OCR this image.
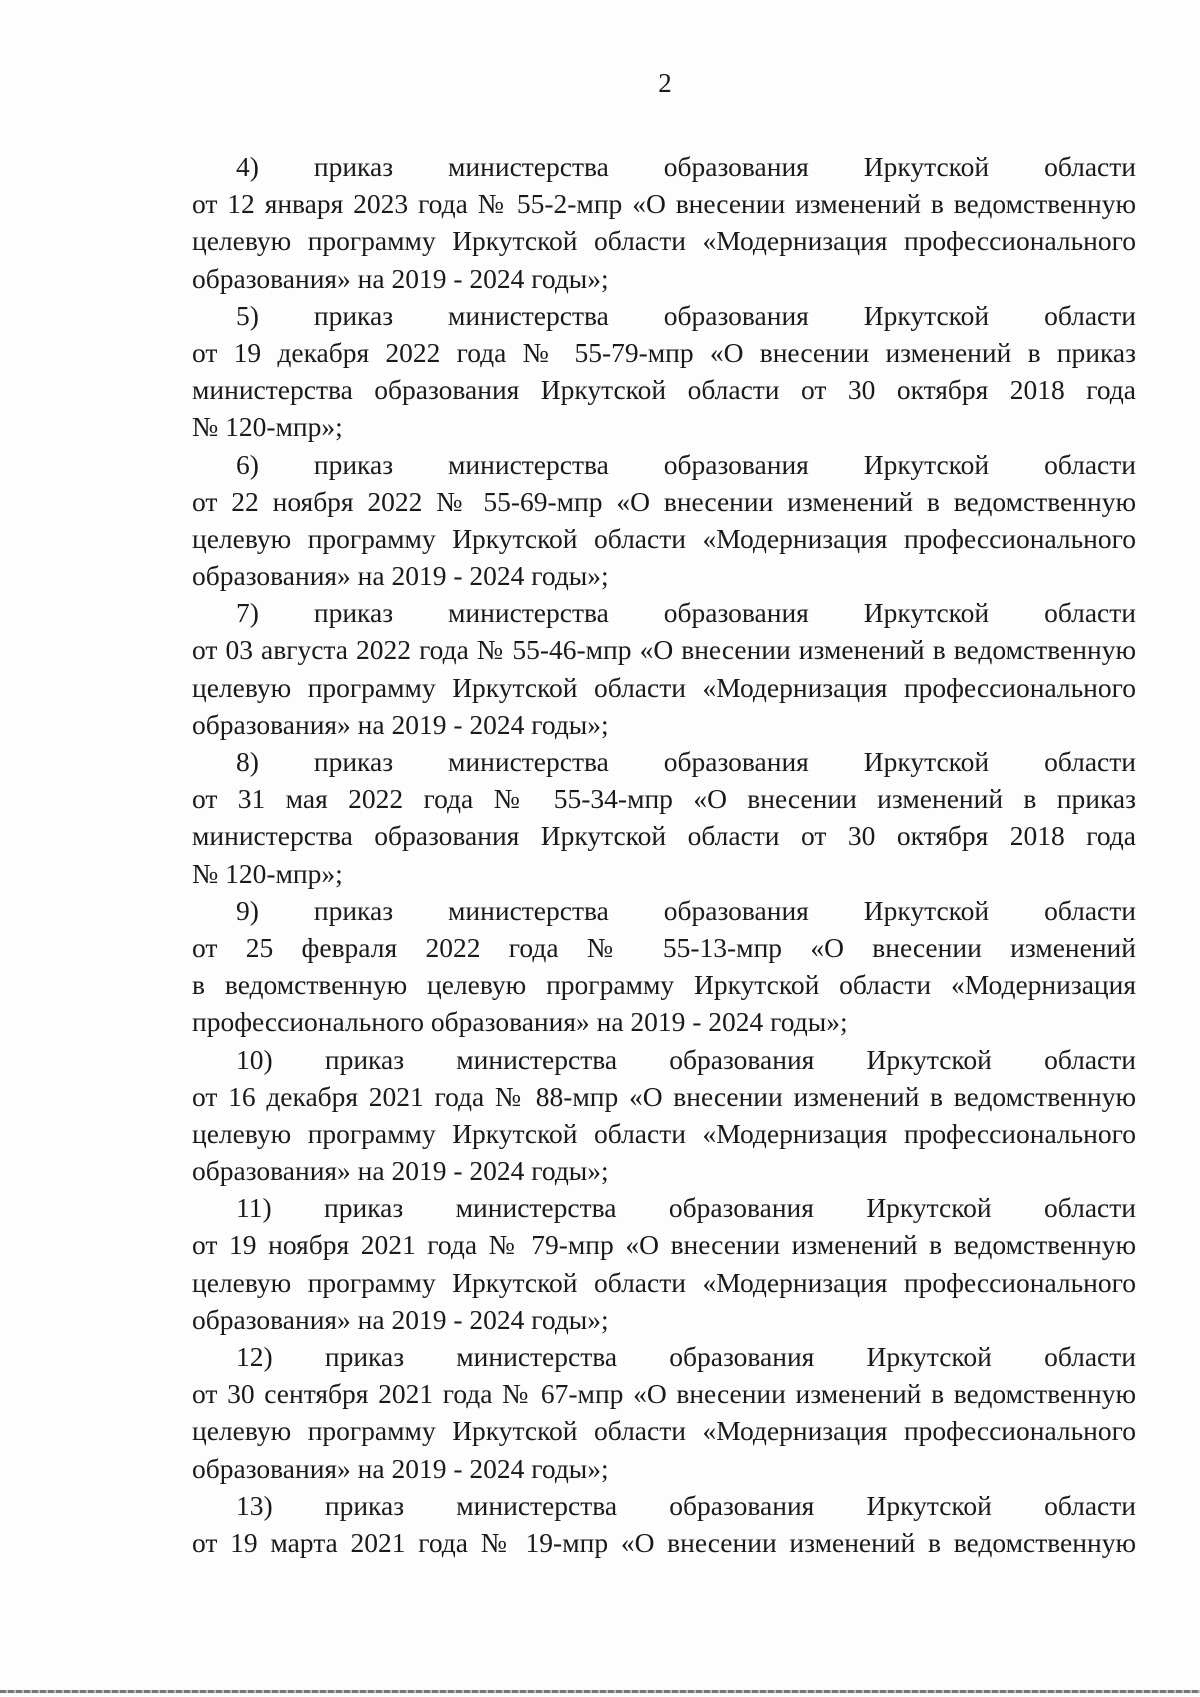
2
4) приказ министерства образования Иркутской области
от 12 января 2023 года № 55-2-мпр «О внесении изменений в ведомственную
целевую программу Иркутской области «Модернизация профессионального
образования» на 2019 - 2024 годы»;
5) приказ министерства образования Иркутской области
от 19 декабря 2022 года № 55-79-мпр «О внесении изменений в приказ
министерства образования Иркутской области от 30 октября 2018 года
№ 120-мпр»;
6) приказ министерства образования Иркутской области
от 22 ноября 2022 № 55-69-мпр «О внесении изменений в ведомственную
целевую программу Иркутской области «Модернизация профессионального
образования» на 2019 - 2024 годы»;
7) приказ министерства образования Иркутской области
от 03 августа 2022 года № 55-46-мпр «О внесении изменений в ведомственную
целевую программу Иркутской области «Модернизация профессионального
образования» на 2019 - 2024 годы»;
8) приказ министерства образования Иркутской области
от 31 мая 2022 года № 55-34-мпр «О внесении изменений в приказ
министерства образования Иркутской области от 30 октября 2018 года
№ 120-мпр»;
9) приказ министерства образования Иркутской области
от 25 февраля 2022 года № 55-13-мпр «О внесении изменений
в ведомственную целевую программу Иркутской области «Модернизация
профессионального образования» на 2019 - 2024 годы»;
10) приказ министерства образования Иркутской области
от 16 декабря 2021 года № 88-мпр «О внесении изменений в ведомственную
целевую программу Иркутской области «Модернизация профессионального
образования» на 2019 - 2024 годы»;
11) приказ министерства образования Иркутской области
от 19 ноября 2021 года № 79-мпр «О внесении изменений в ведомственную
целевую программу Иркутской области «Модернизация профессионального
образования» на 2019 - 2024 годы»;
12) приказ министерства образования Иркутской области
от 30 сентября 2021 года № 67-мпр «О внесении изменений в ведомственную
целевую программу Иркутской области «Модернизация профессионального
образования» на 2019 - 2024 годы»;
13) приказ министерства образования Иркутской области
от 19 марта 2021 года № 19-мпр «О внесении изменений в ведомственную
